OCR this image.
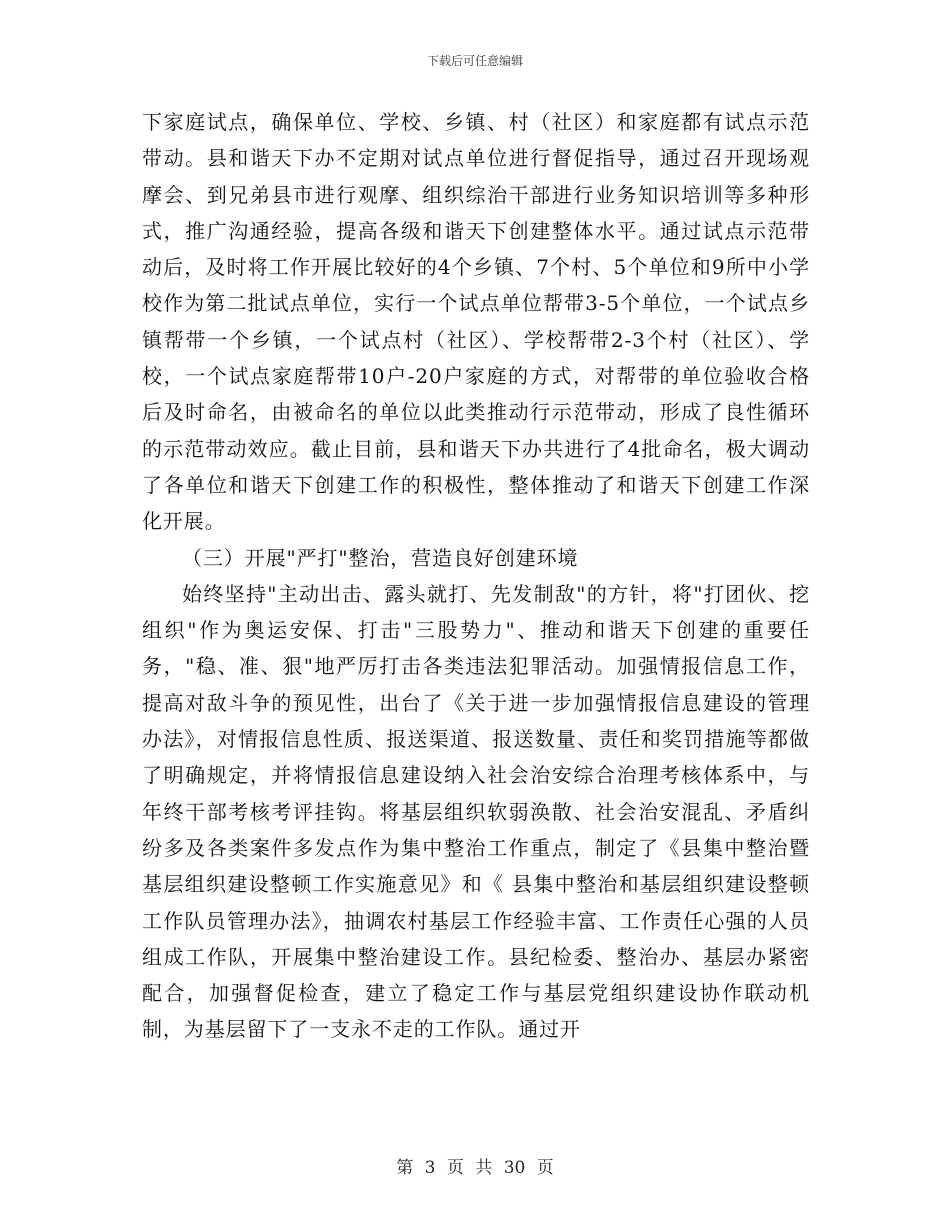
下载后可任意编辑

下家庭试点，确保单位、学校、乡镇、村（社区）和家庭都有试点示范带动。县和谐天下办不定期对试点单位进行督促指导，通过召开现场观摩会、到兄弟县市进行观摩、组织综治干部进行业务知识培训等多种形式，推广沟通经验，提高各级和谐天下创建整体水平。通过试点示范带动后，及时将工作开展比较好的4个乡镇、7个村、5个单位和9所中小学校作为第二批试点单位，实行一个试点单位帮带3-5个单位，一个试点乡镇帮带一个乡镇，一个试点村（社区）、学校帮带2-3个村（社区）、学校，一个试点家庭帮带10户-20户家庭的方式，对帮带的单位验收合格后及时命名，由被命名的单位以此类推动行示范带动，形成了良性循环的示范带动效应。截止目前，县和谐天下办共进行了4批命名，极大调动了各单位和谐天下创建工作的积极性，整体推动了和谐天下创建工作深化开展。

（三）开展"严打"整治，营造良好创建环境

始终坚持"主动出击、露头就打、先发制敌"的方针，将"打团伙、挖组织"作为奥运安保、打击"三股势力"、推动和谐天下创建的重要任务，"稳、准、狠"地严厉打击各类违法犯罪活动。加强情报信息工作，提高对敌斗争的预见性，出台了《关于进一步加强情报信息建设的管理办法》，对情报信息性质、报送渠道、报送数量、责任和奖罚措施等都做了明确规定，并将情报信息建设纳入社会治安综合治理考核体系中，与年终干部考核考评挂钩。将基层组织软弱涣散、社会治安混乱、矛盾纠纷多及各类案件多发点作为集中整治工作重点，制定了《县集中整治暨基层组织建设整顿工作实施意见》和《 县集中整治和基层组织建设整顿工作队员管理办法》，抽调农村基层工作经验丰富、工作责任心强的人员组成工作队，开展集中整治建设工作。县纪检委、整治办、基层办紧密配合，加强督促检查，建立了稳定工作与基层党组织建设协作联动机制，为基层留下了一支永不走的工作队。通过开

第 3 页 共 30 页
